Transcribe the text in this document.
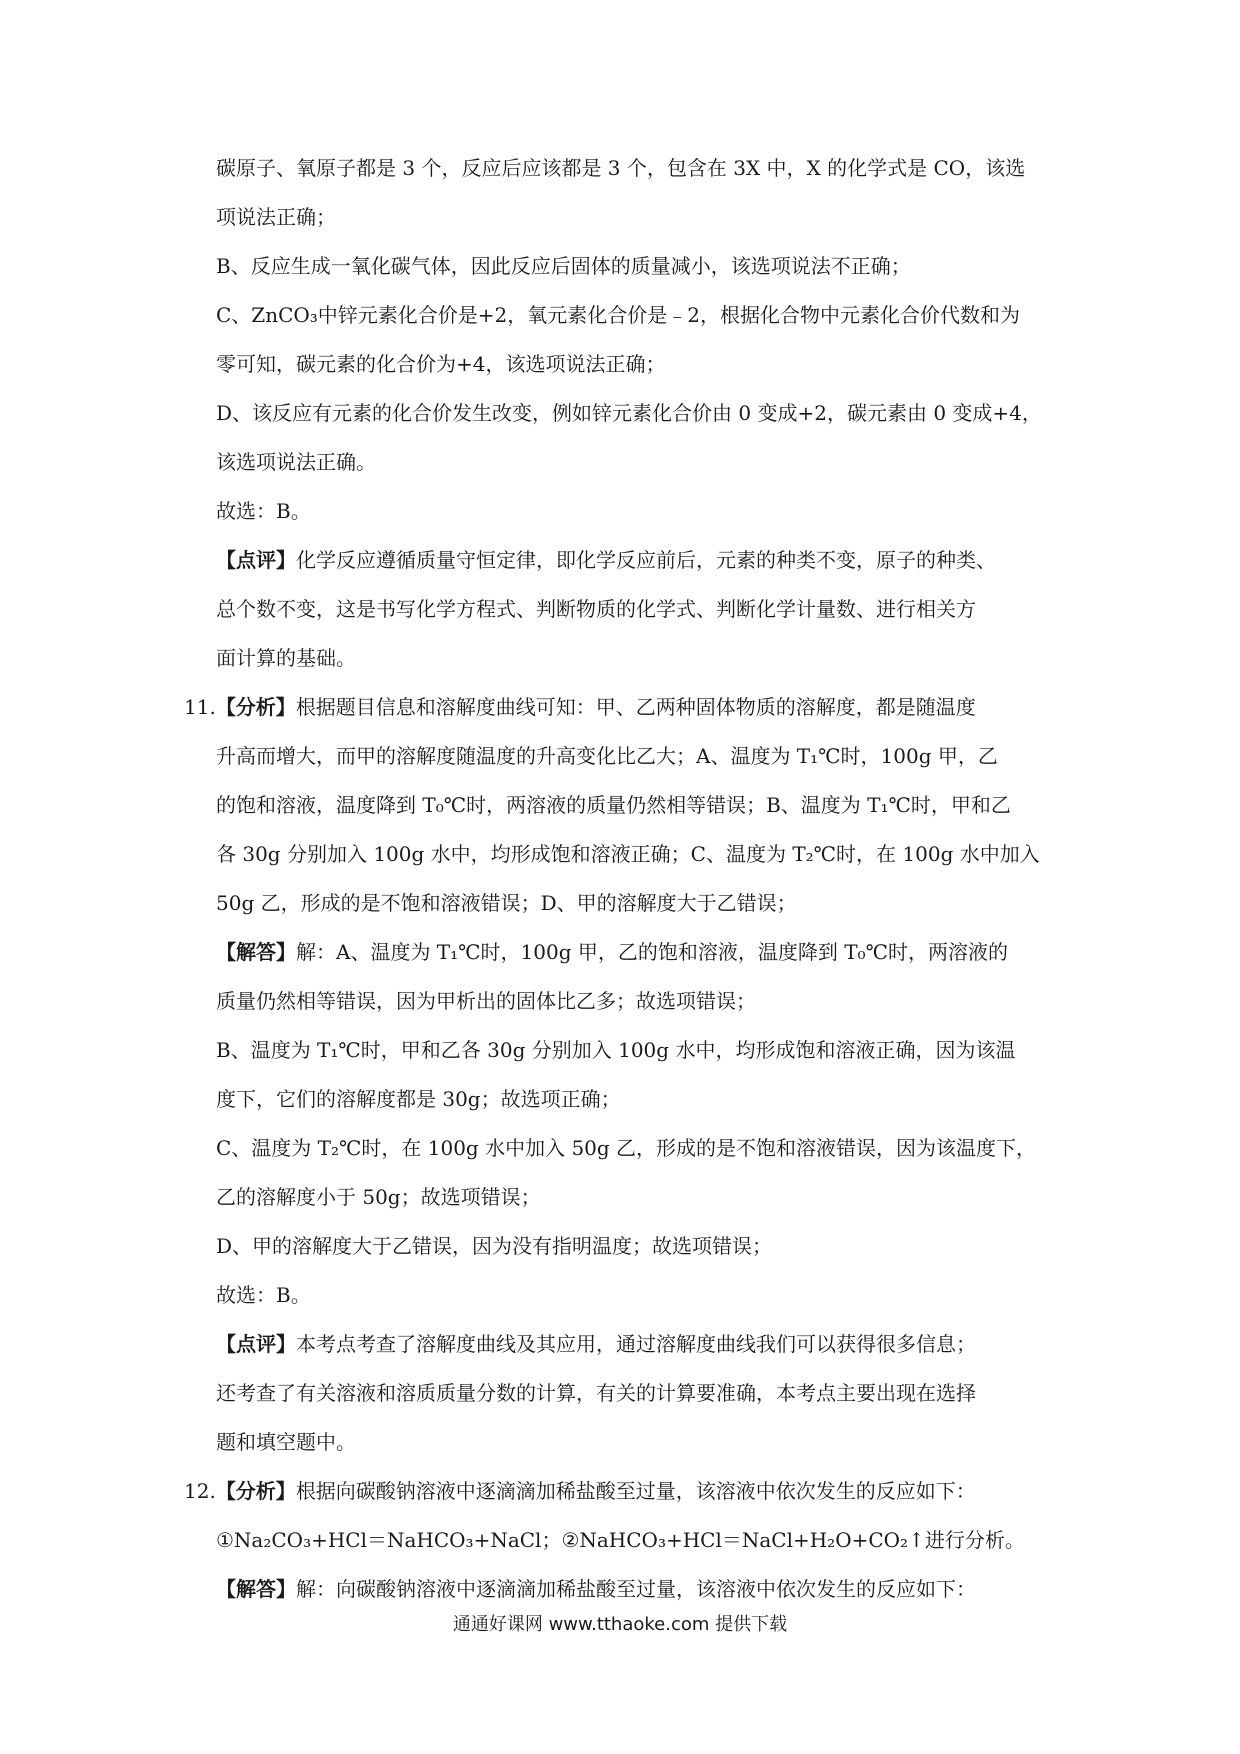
碳原子、氧原子都是 3 个，反应后应该都是 3 个，包含在 3X 中，X 的化学式是 CO，该选
项说法正确；
B、反应生成一氧化碳气体，因此反应后固体的质量减小，该选项说法不正确；
C、ZnCO₃中锌元素化合价是+2，氧元素化合价是﹣2，根据化合物中元素化合价代数和为
零可知，碳元素的化合价为+4，该选项说法正确；
D、该反应有元素的化合价发生改变，例如锌元素化合价由 0 变成+2，碳元素由 0 变成+4，
该选项说法正确。
故选：B。
【点评】化学反应遵循质量守恒定律，即化学反应前后，元素的种类不变，原子的种类、
总个数不变，这是书写化学方程式、判断物质的化学式、判断化学计量数、进行相关方
面计算的基础。
11.【分析】根据题目信息和溶解度曲线可知：甲、乙两种固体物质的溶解度，都是随温度
升高而增大，而甲的溶解度随温度的升高变化比乙大；A、温度为 T₁℃时，100g 甲，乙
的饱和溶液，温度降到 T₀℃时，两溶液的质量仍然相等错误；B、温度为 T₁℃时，甲和乙
各 30g 分别加入 100g 水中，均形成饱和溶液正确；C、温度为 T₂℃时，在 100g 水中加入
50g 乙，形成的是不饱和溶液错误；D、甲的溶解度大于乙错误；
【解答】解：A、温度为 T₁℃时，100g 甲，乙的饱和溶液，温度降到 T₀℃时，两溶液的
质量仍然相等错误，因为甲析出的固体比乙多；故选项错误；
B、温度为 T₁℃时，甲和乙各 30g 分别加入 100g 水中，均形成饱和溶液正确，因为该温
度下，它们的溶解度都是 30g；故选项正确；
C、温度为 T₂℃时，在 100g 水中加入 50g 乙，形成的是不饱和溶液错误，因为该温度下，
乙的溶解度小于 50g；故选项错误；
D、甲的溶解度大于乙错误，因为没有指明温度；故选项错误；
故选：B。
【点评】本考点考查了溶解度曲线及其应用，通过溶解度曲线我们可以获得很多信息；
还考查了有关溶液和溶质质量分数的计算，有关的计算要准确，本考点主要出现在选择
题和填空题中。
12.【分析】根据向碳酸钠溶液中逐滴滴加稀盐酸至过量，该溶液中依次发生的反应如下：
①Na₂CO₃+HCl＝NaHCO₃+NaCl；②NaHCO₃+HCl＝NaCl+H₂O+CO₂↑进行分析。
【解答】解：向碳酸钠溶液中逐滴滴加稀盐酸至过量，该溶液中依次发生的反应如下：
通通好课网 www.tthaoke.com 提供下载
